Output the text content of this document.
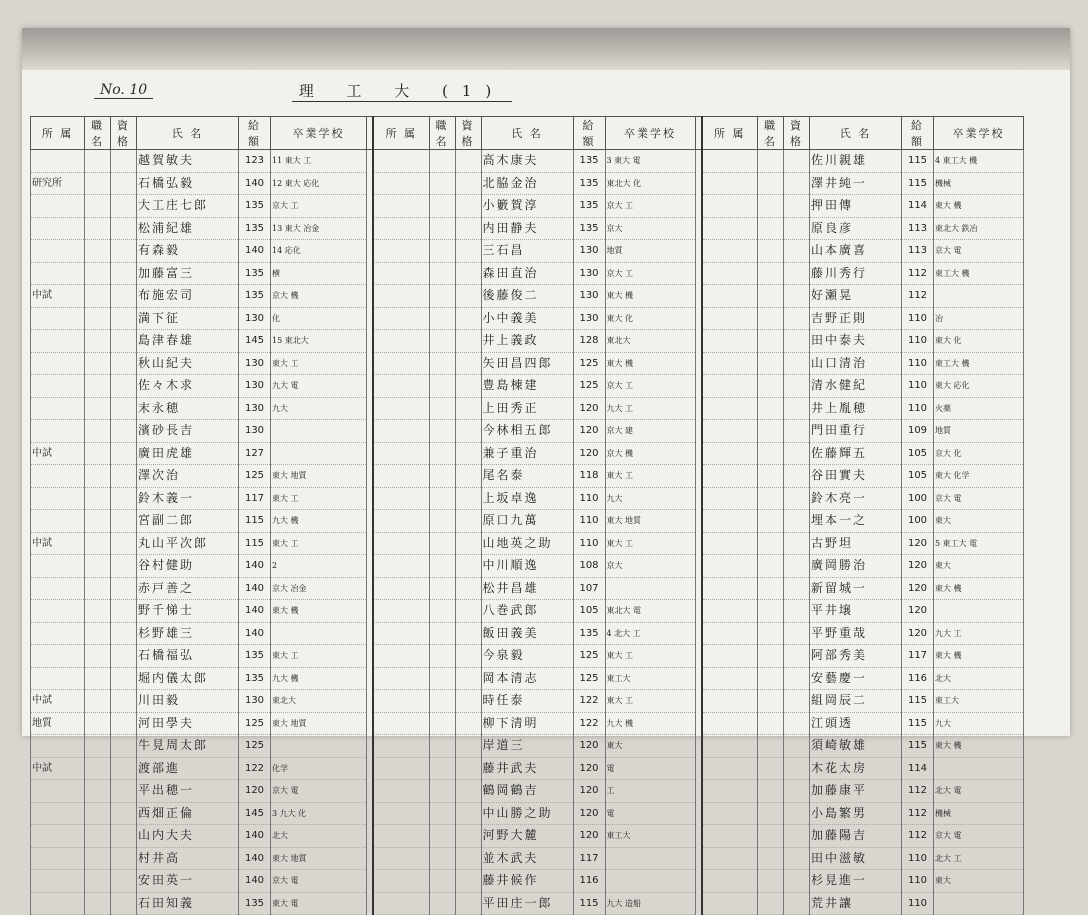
No. 10	理 工 大 (1)
所 属	職名	資格	氏 名	給 額	卒業学校		所 属	職名	資格	氏 名	給 額	卒業学校		所 属	職名	資格	氏 名	給 額	卒業学校
			越賀敏夫	123	11 東大 工					高木康夫	135	3 東大 電					佐川親雄	115	4 東工大 機
研究所			石橋弘毅	140	12 東大 応化					北脇金治	135	東北大 化					澤井純一	115	機械
			大工庄七郎	135	京大 工					小籔賀淳	135	京大 工					押田傳	114	東大 機
			松浦紀雄	135	13 東大 冶金					内田静夫	135	京大					原良彦	113	東北大 鉄冶
			有森毅	140	14 応化					三石昌	130	地質					山本廣喜	113	京大 電
			加藤富三	135	横					森田直治	130	京大 工					藤川秀行	112	東工大 機
中試			布施宏司	135	京大 機					後藤俊二	130	東大 機					好瀬晃	112	
			満下征	130	化					小中義美	130	東大 化					吉野正則	110	冶
			島津春雄	145	15 東北大					井上義政	128	東北大					田中泰夫	110	東大 化
			秋山紀夫	130	東大 工					矢田昌四郎	125	東大 機					山口清治	110	東工大 機
			佐々木求	130	九大 電					豊島棟建	125	京大 工					清水健紀	110	東大 応化
			末永穂	130	九大					上田秀正	120	九大 工					井上胤穂	110	火薬
			濱砂長吉	130						今林相五郎	120	京大 建					門田重行	109	地質
中試			廣田虎雄	127						兼子重治	120	京大 機					佐藤輝五	105	京大 化
			澤次治	125	東大 地質					尾名泰	118	東大 工					谷田實夫	105	東大 化学
			鈴木義一	117	東大 工					上坂卓逸	110	九大					鈴木亮一	100	京大 電
			宮副二郎	115	九大 機					原口九萬	110	東大 地質					埋本一之	100	東大
中試			丸山平次郎	115	東大 工					山地英之助	110	東大 工					古野坦	120	5 東工大 電
			谷村健助	140	2					中川順逸	108	京大					廣岡勝治	120	東大
			赤戸善之	140	京大 冶金					松井昌雄	107						新留城一	120	東大 機
			野千悌士	140	東大 機					八巻武郎	105	東北大 電					平井壌	120	
			杉野雄三	140						飯田義美	135	4 北大 工					平野重哉	120	九大 工
			石橋福弘	135	東大 工					今泉毅	125	東大 工					阿部秀美	117	東大 機
			堀内儀太郎	135	九大 機					岡本清志	125	東工大					安藝慶一	116	北大
中試			川田毅	130	東北大					時任泰	122	東大 工					組岡辰二	115	東工大
地質			河田學夫	125	東大 地質					柳下清明	122	九大 機					江頭透	115	九大
			牛見周太郎	125						岸道三	120	東大					須崎敏雄	115	東大 機
中試			渡部進	122	化学					藤井武夫	120	電					木花太房	114	
			平出穂一	120	京大 電					鶴岡鶴吉	120	工					加藤康平	112	北大 電
			西畑正倫	145	3 九大 化					中山勝之助	120	電					小島繁男	112	機械
			山内大夫	140	北大					河野大麓	120	東工大					加藤陽吉	112	京大 電
			村井高	140	東大 地質					並木武夫	117						田中滋敏	110	北大 工
			安田英一	140	京大 電					藤井候作	116						杉見進一	110	東大
			石田知義	135	東大 電					平田庄一郎	115	九大 造船					荒井讓	110	
